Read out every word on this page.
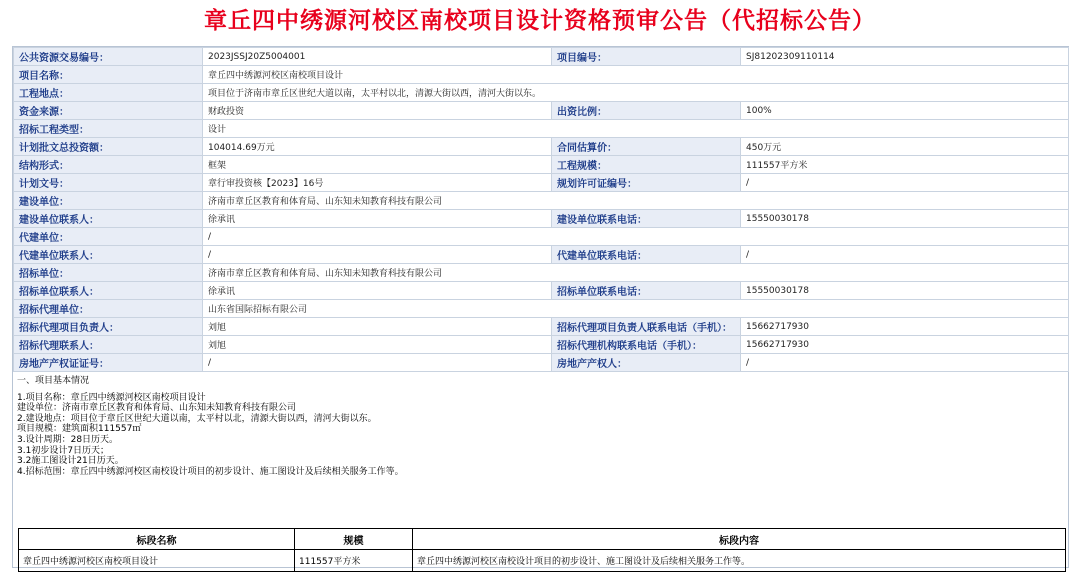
章丘四中绣源河校区南校项目设计资格预审公告（代招标公告）
公共资源交易编号：	2023JSSJ20Z5004001	项目编号：	SJ81202309110114
项目名称：	章丘四中绣源河校区南校项目设计		
工程地点：	项目位于济南市章丘区世纪大道以南，太平村以北，清源大街以西，清河大街以东。		
资金来源：	财政投资	出资比例：	100%
招标工程类型：	设计		
计划批文总投资额：	104014.69万元	合同估算价：	450万元
结构形式：	框架	工程规模：	111557平方米
计划文号：	章行审投资核【2023】16号	规划许可证编号：	/
建设单位：	济南市章丘区教育和体育局、山东知未知教育科技有限公司		
建设单位联系人：	徐承讯	建设单位联系电话：	15550030178
代建单位：	/		
代建单位联系人：	/	代建单位联系电话：	/
招标单位：	济南市章丘区教育和体育局、山东知未知教育科技有限公司		
招标单位联系人：	徐承讯	招标单位联系电话：	15550030178
招标代理单位：	山东省国际招标有限公司		
招标代理项目负责人：	刘旭	招标代理项目负责人联系电话（手机）：	15662717930
招标代理联系人：	刘旭	招标代理机构联系电话（手机）：	15662717930
房地产产权证证号：	/	房地产产权人：	/
一、项目基本情况
1.项目名称：章丘四中绣源河校区南校项目设计
建设单位：济南市章丘区教育和体育局、山东知未知教育科技有限公司
2.建设地点：项目位于章丘区世纪大道以南，太平村以北，清源大街以西，清河大街以东。
项目规模：建筑面积111557㎡
3.设计周期：28日历天。
3.1初步设计7日历天；
3.2施工图设计21日历天。
4.招标范围：章丘四中绣源河校区南校设计项目的初步设计、施工图设计及后续相关服务工作等。
标段名称	规模	标段内容
章丘四中绣源河校区南校项目设计	111557平方米	章丘四中绣源河校区南校设计项目的初步设计、施工图设计及后续相关服务工作等。
